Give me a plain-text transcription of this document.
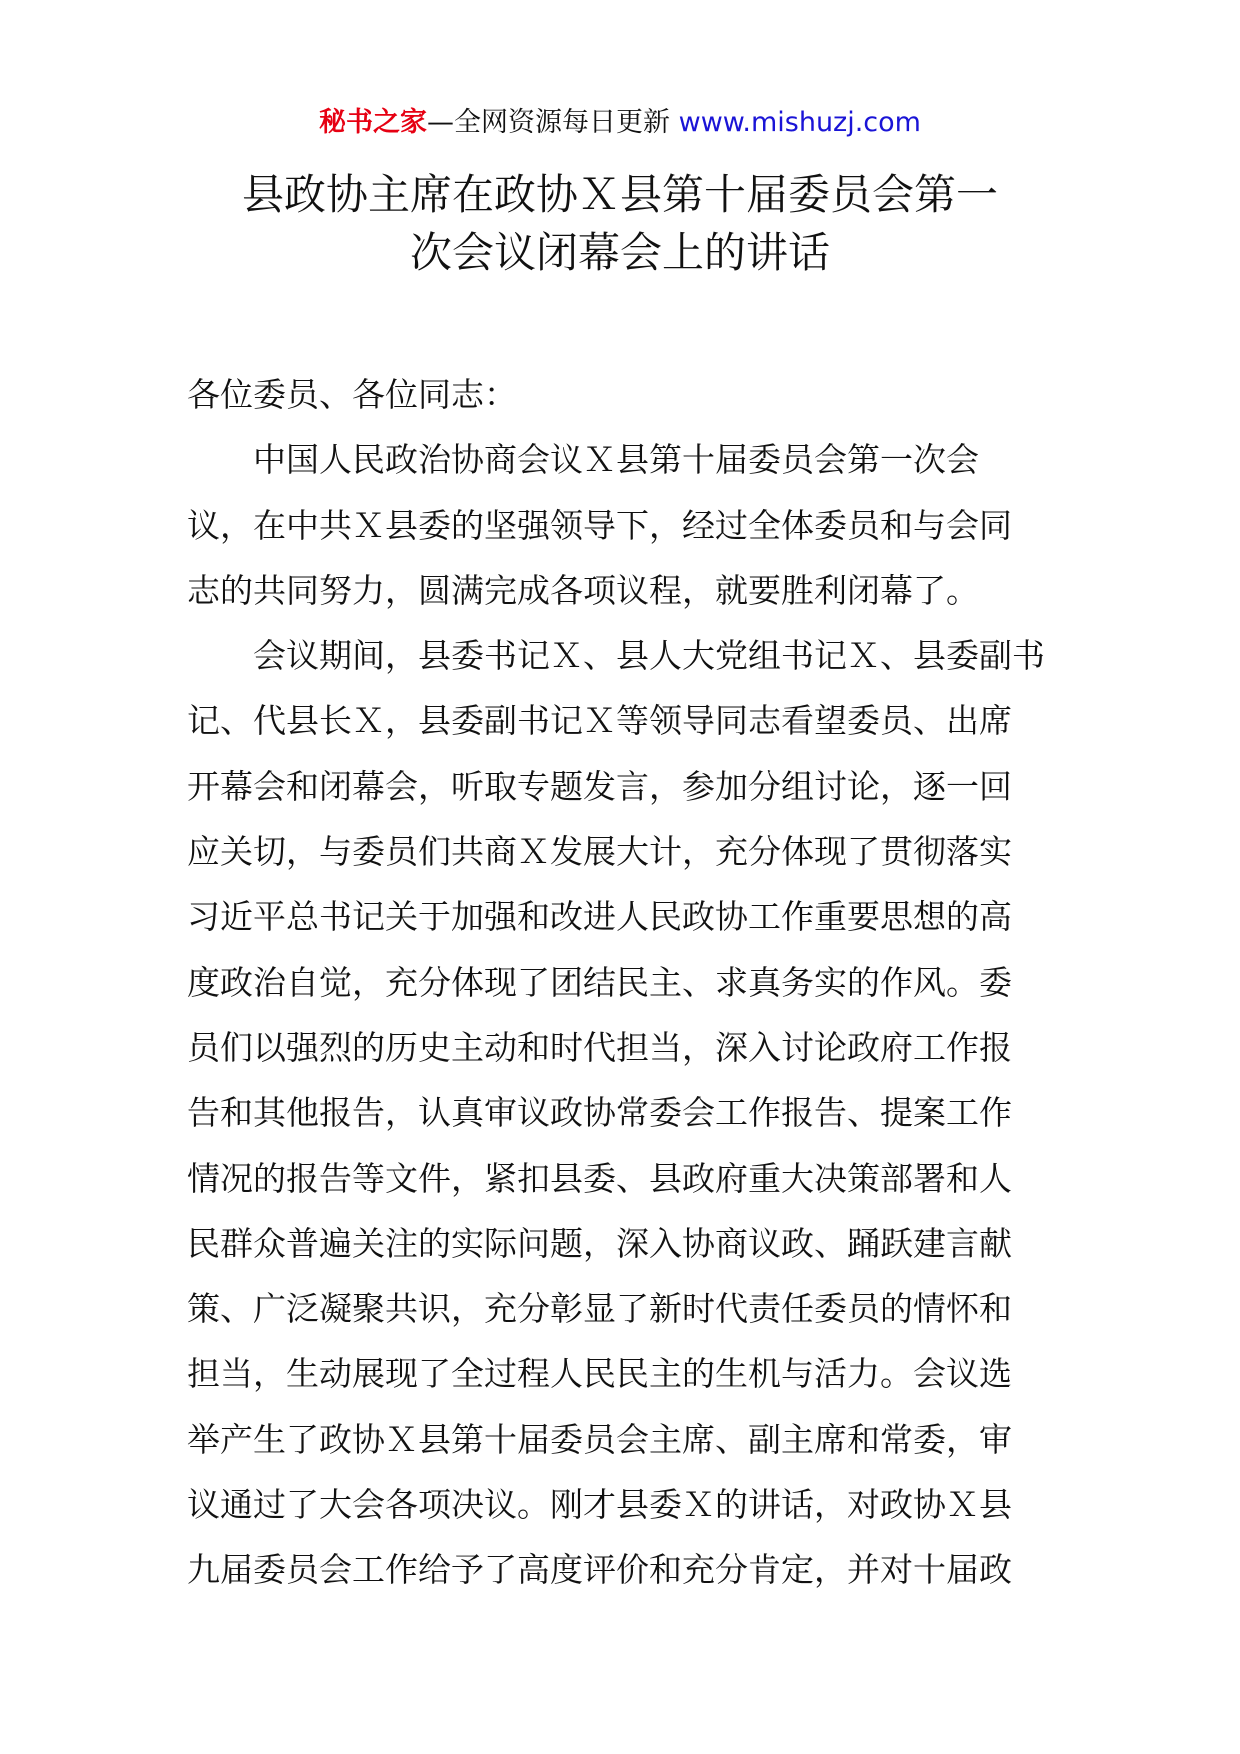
秘书之家—全网资源每日更新 www.mishuzj.com
县政协主席在政协Ｘ县第十届委员会第一
次会议闭幕会上的讲话
各位委员、各位同志：
中国人民政治协商会议Ｘ县第十届委员会第一次会
议，在中共Ｘ县委的坚强领导下，经过全体委员和与会同
志的共同努力，圆满完成各项议程，就要胜利闭幕了。
会议期间，县委书记Ｘ、县人大党组书记Ｘ、县委副书
记、代县长Ｘ，县委副书记Ｘ等领导同志看望委员、出席
开幕会和闭幕会，听取专题发言，参加分组讨论，逐一回
应关切，与委员们共商Ｘ发展大计，充分体现了贯彻落实
习近平总书记关于加强和改进人民政协工作重要思想的高
度政治自觉，充分体现了团结民主、求真务实的作风。委
员们以强烈的历史主动和时代担当，深入讨论政府工作报
告和其他报告，认真审议政协常委会工作报告、提案工作
情况的报告等文件，紧扣县委、县政府重大决策部署和人
民群众普遍关注的实际问题，深入协商议政、踊跃建言献
策、广泛凝聚共识，充分彰显了新时代责任委员的情怀和
担当，生动展现了全过程人民民主的生机与活力。会议选
举产生了政协Ｘ县第十届委员会主席、副主席和常委，审
议通过了大会各项决议。刚才县委Ｘ的讲话，对政协Ｘ县
九届委员会工作给予了高度评价和充分肯定，并对十届政
